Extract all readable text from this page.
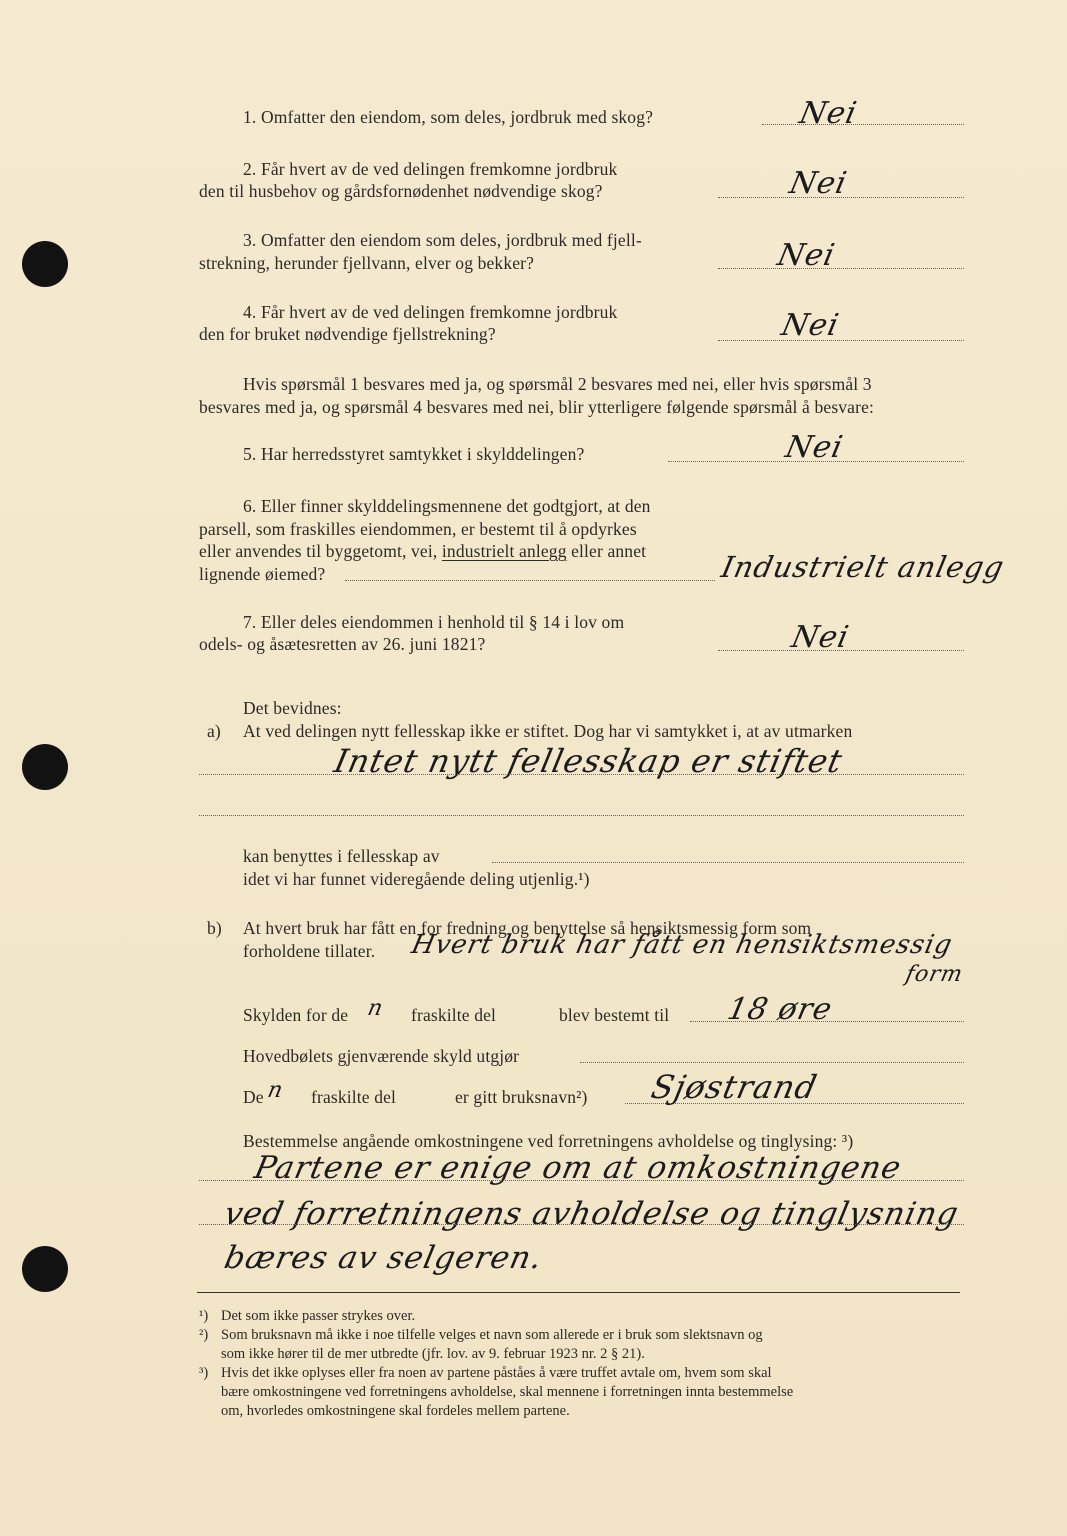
1. Omfatter den eiendom, som deles, jordbruk med skog?	Nei
2. Får hvert av de ved delingen fremkomne jordbruk
den til husbehov og gårdsfornødenhet nødvendige skog?	Nei
3. Omfatter den eiendom som deles, jordbruk med fjell-
strekning, herunder fjellvann, elver og bekker?	Nei
4. Får hvert av de ved delingen fremkomne jordbruk
den for bruket nødvendige fjellstrekning?	Nei
Hvis spørsmål 1 besvares med ja, og spørsmål 2 besvares med nei, eller hvis spørsmål 3
besvares med ja, og spørsmål 4 besvares med nei, blir ytterligere følgende spørsmål å besvare:
5. Har herredsstyret samtykket i skylddelingen?	Nei
6. Eller finner skylddelingsmennene det godtgjort, at den
parsell, som fraskilles eiendommen, er bestemt til å opdyrkes
eller anvendes til byggetomt, vei, industrielt anlegg eller annet
lignende øiemed?	Industrielt anlegg
7. Eller deles eiendommen i henhold til § 14 i lov om
odels- og åsætesretten av 26. juni 1821?	Nei
Det bevidnes:
a) At ved delingen nytt fellesskap ikke er stiftet. Dog har vi samtykket i, at av utmarken
Intet nytt fellesskap er stiftet
kan benyttes i fellesskap av
idet vi har funnet videregående deling utjenlig.¹)
b) At hvert bruk har fått en for fredning og benyttelse så hensiktsmessig form som
forholdene tillater. Hvert bruk har fått en hensiktsmessig
form
Skylden for de n fraskilte del	blev bestemt til 18 øre
Hovedbølets gjenværende skyld utgjør
De n fraskilte del	er gitt bruksnavn²) Sjøstrand
Bestemmelse angående omkostningene ved forretningens avholdelse og tinglysing: ³)
Partene er enige om at omkostningene
ved forretningens avholdelse og tinglysning
bæres av selgeren.
¹) Det som ikke passer strykes over.
²) Som bruksnavn må ikke i noe tilfelle velges et navn som allerede er i bruk som slektsnavn og
som ikke hører til de mer utbredte (jfr. lov. av 9. februar 1923 nr. 2 § 21).
³) Hvis det ikke oplyses eller fra noen av partene påståes å være truffet avtale om, hvem som skal
bære omkostningene ved forretningens avholdelse, skal mennene i forretningen innta bestemmelse
om, hvorledes omkostningene skal fordeles mellem partene.
